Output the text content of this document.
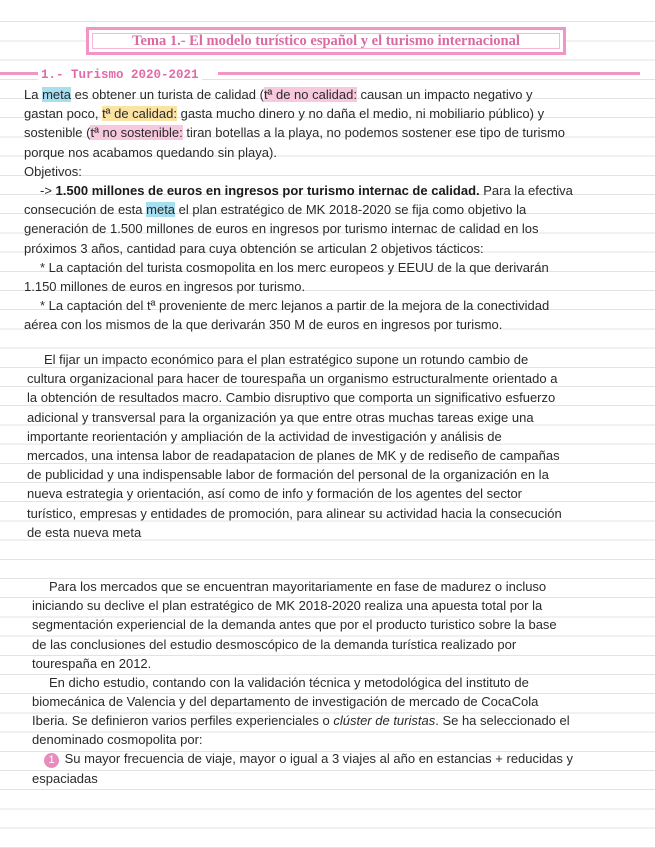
Tema 1.- El modelo turístico español y el turismo internacional
1.- Turismo 2020-2021
La meta es obtener un turista de calidad (tª de no calidad: causan un impacto negativo y
gastan poco, tª de calidad: gasta mucho dinero y no daña el medio, ni mobiliario público) y
sostenible (tª no sostenible: tiran botellas a la playa, no podemos sostener ese tipo de turismo
porque nos acabamos quedando sin playa).
Objetivos:
-> 1.500 millones de euros en ingresos por turismo internac de calidad. Para la efectiva
consecución de esta meta el plan estratégico de MK 2018-2020 se fija como objetivo la
generación de 1.500 millones de euros en ingresos por turismo internac de calidad en los
próximos 3 años, cantidad para cuya obtención se articulan 2 objetivos tácticos:
* La captación del turista cosmopolita en los merc europeos y EEUU de la que derivarán
1.150 millones de euros en ingresos por turismo.
* La captación del tª proveniente de merc lejanos a partir de la mejora de la conectividad
aérea con los mismos de la que derivarán 350 M de euros en ingresos por turismo.
El fijar un impacto económico para el plan estratégico supone un rotundo cambio de
cultura organizacional para hacer de tourespaña un organismo estructuralmente orientado a
la obtención de resultados macro. Cambio disruptivo que comporta un significativo esfuerzo
adicional y transversal para la organización ya que entre otras muchas tareas exige una
importante reorientación y ampliación de la actividad de investigación y análisis de
mercados, una intensa labor de readapatacion de planes de MK y de rediseño de campañas
de publicidad y una indispensable labor de formación del personal de la organización en la
nueva estrategia y orientación, así como de info y formación de los agentes del sector
turístico, empresas y entidades de promoción, para alinear su actividad hacia la consecución
de esta nueva meta
Para los mercados que se encuentran mayoritariamente en fase de madurez o incluso
iniciando su declive el plan estratégico de MK 2018-2020 realiza una apuesta total por la
segmentación experiencial de la demanda antes que por el producto turistico sobre la base
de las conclusiones del estudio desmoscópico de la demanda turística realizado por
tourespaña en 2012.
En dicho estudio, contando con la validación técnica y metodológica del instituto de
biomecánica de Valencia y del departamento de investigación de mercado de CocaCola
Iberia. Se definieron varios perfiles experienciales o clúster de turistas. Se ha seleccionado el
denominado cosmopolita por:
1 Su mayor frecuencia de viaje, mayor o igual a 3 viajes al año en estancias + reducidas y
espaciadas
